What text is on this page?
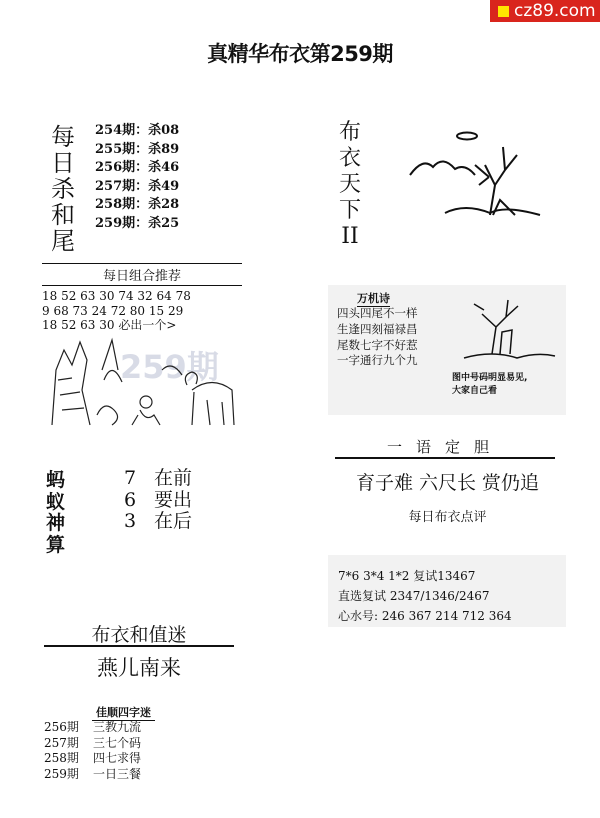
cz89.com
真精华布衣第259期
每
日
杀
和
尾
254期：杀08
255期：杀89
256期：杀46
257期：杀49
258期：杀28
259期：杀25
每日组合推荐
18 52 63 30 74 32 64 78
9 68 73 24 72 80 15 29
18 52 63 30 必出一个>
259期
蚂
蚁
神
算
7 在前
6 要出
3 在后
布衣和值迷
燕儿南来
佳顺四字迷
256期 三教九流
257期 三七个码
258期 四七求得
259期 一日三餐
布
衣
天
下
II
万机诗
四头四尾不一样
生逢四刻福禄昌
尾数七字不好惹
一字通行九个九
图中号码明显易见,
大家自己看
一语定胆
育子难 六尺长 赏仍追
每日布衣点评
7*6 3*4 1*2 复试13467
直选复试 2347/1346/2467
心水号: 246 367 214 712 364
